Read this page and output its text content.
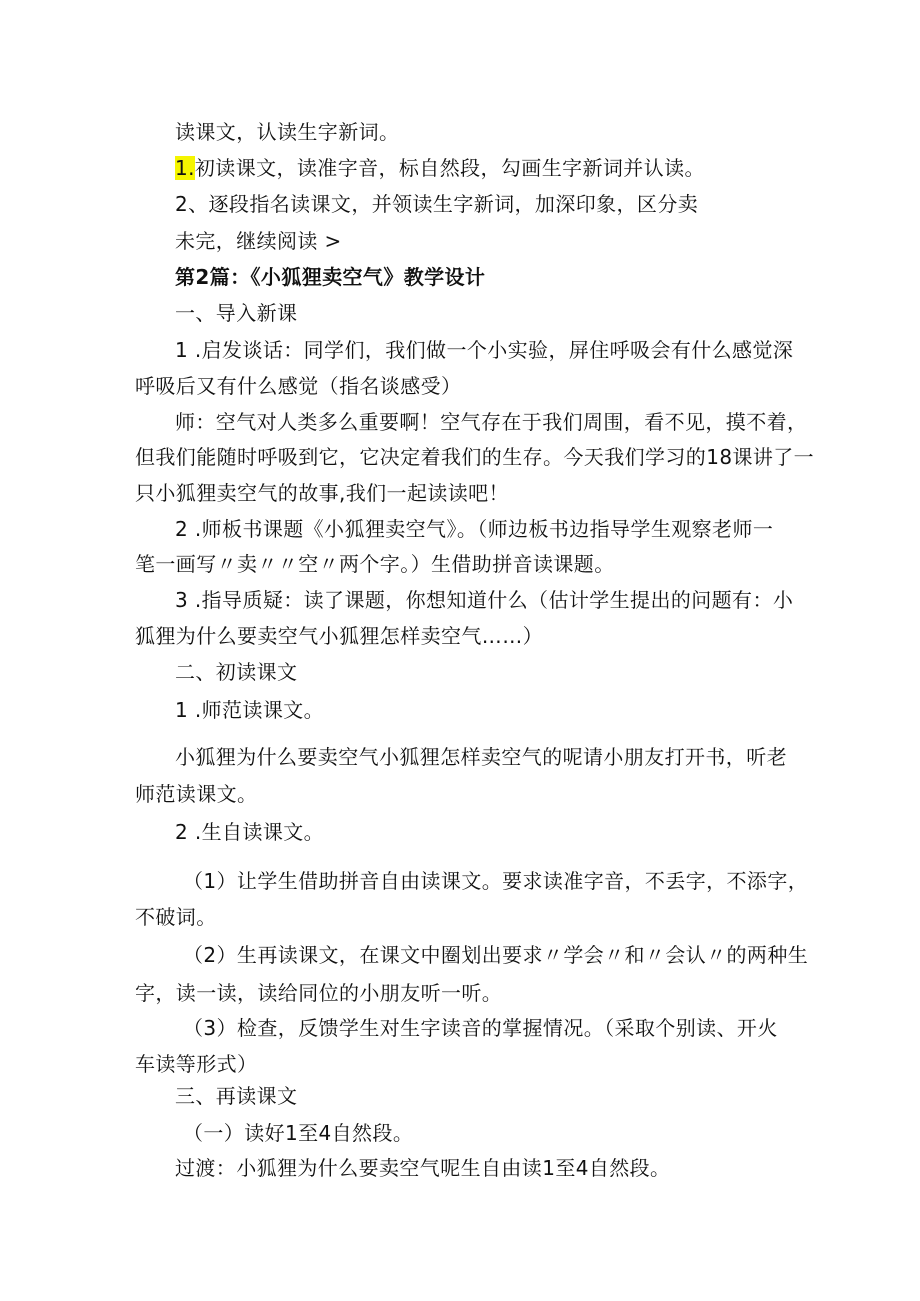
读课文，认读生字新词。
1.初读课文，读准字音，标自然段，勾画生字新词并认读。
2、逐段指名读课文，并领读生字新词，加深印象，区分卖
未完，继续阅读 >
第2篇：《小狐狸卖空气》教学设计
一、导入新课
1 .启发谈话：同学们，我们做一个小实验，屏住呼吸会有什么感觉深
呼吸后又有什么感觉（指名谈感受）
师：空气对人类多么重要啊！空气存在于我们周围，看不见，摸不着，
但我们能随时呼吸到它，它决定着我们的生存。今天我们学习的18课讲了一
只小狐狸卖空气的故事,我们一起读读吧！
2 .师板书课题《小狐狸卖空气》。（师边板书边指导学生观察老师一
笔一画写〃卖〃〃空〃两个字。）生借助拼音读课题。
3 .指导质疑：读了课题，你想知道什么（估计学生提出的问题有：小
狐狸为什么要卖空气小狐狸怎样卖空气……）
二、初读课文
1 .师范读课文。
小狐狸为什么要卖空气小狐狸怎样卖空气的呢请小朋友打开书，听老
师范读课文。
2 .生自读课文。
（1）让学生借助拼音自由读课文。要求读准字音，不丢字，不添字，
不破词。
（2）生再读课文，在课文中圈划出要求〃学会〃和〃会认〃的两种生
字，读一读，读给同位的小朋友听一听。
（3）检查，反馈学生对生字读音的掌握情况。（采取个别读、开火
车读等形式）
三、再读课文
（一）读好1至4自然段。
过渡：小狐狸为什么要卖空气呢生自由读1至4自然段。
